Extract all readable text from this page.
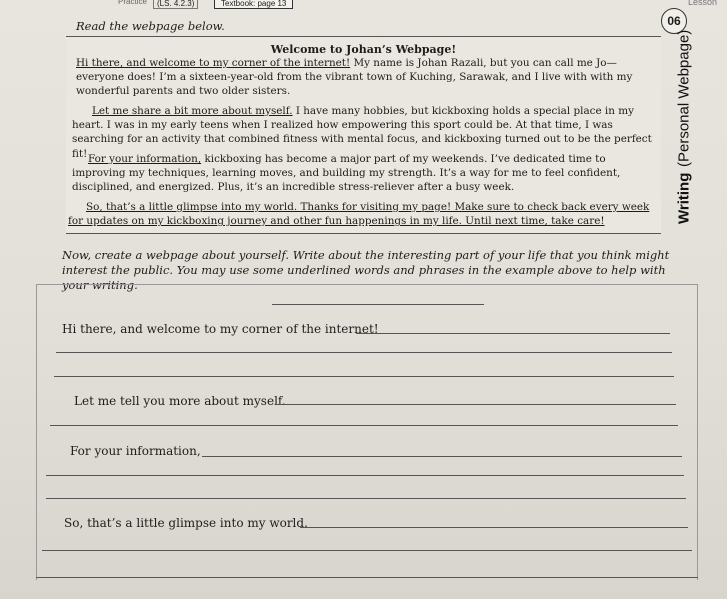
Practice	(LS. 4.2.3)	Textbook: page 13	Lesson
06
Writing
(Personal Webpage)
Read the webpage below.
Welcome to Johan’s Webpage!

Hi there, and welcome to my corner of the internet! My name is Johan Razali, but you can call me Jo—everyone does! I’m a sixteen-year-old from the vibrant town of Kuching, Sarawak, and I live with with my wonderful parents and two older sisters.

Let me share a bit more about myself. I have many hobbies, but kickboxing holds a special place in my heart. I was in my early teens when I realized how empowering this sport could be. At that time, I was searching for an activity that combined fitness with mental focus, and kickboxing turned out to be the perfect fit! For your information, kickboxing has become a major part of my weekends. I’ve dedicated time to improving my techniques, learning moves, and building my strength. It’s a way for me to feel confident, disciplined, and energized. Plus, it’s an incredible stress-reliever after a busy week.

So, that’s a little glimpse into my world. Thanks for visiting my page! Make sure to check back every week for updates on my kickboxing journey and other fun happenings in my life. Until next time, take care!

Now, create a webpage about yourself. Write about the interesting part of your life that you think might interest the public. You may use some underlined words and phrases in the example above to help with your writing.

Hi there, and welcome to my corner of the internet!
Let me tell you more about myself.
For your information,
So, that’s a little glimpse into my world.
